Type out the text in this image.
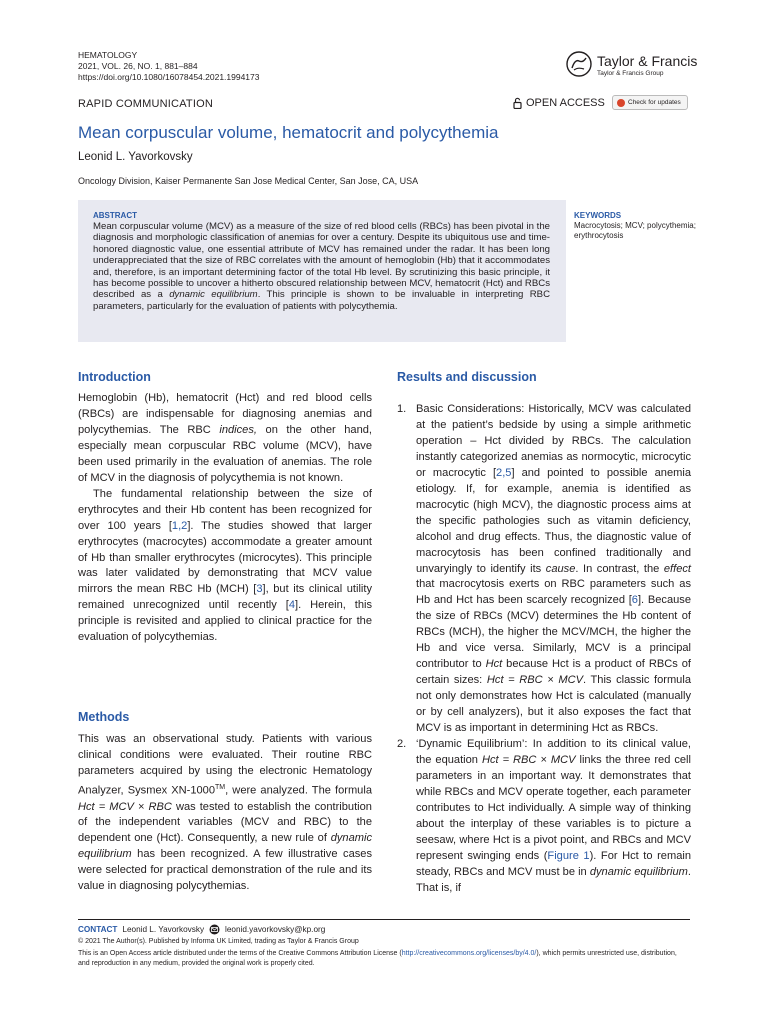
HEMATOLOGY
2021, VOL. 26, NO. 1, 881–884
https://doi.org/10.1080/16078454.2021.1994173
Taylor & Francis
Taylor & Francis Group
RAPID COMMUNICATION	OPEN ACCESS	Check for updates
Mean corpuscular volume, hematocrit and polycythemia
Leonid L. Yavorkovsky
Oncology Division, Kaiser Permanente San Jose Medical Center, San Jose, CA, USA
ABSTRACT
Mean corpuscular volume (MCV) as a measure of the size of red blood cells (RBCs) has been pivotal in the diagnosis and morphologic classification of anemias for over a century. Despite its ubiquitous use and time-honored diagnostic value, one essential attribute of MCV has remained under the radar. It has been long underappreciated that the size of RBC correlates with the amount of hemoglobin (Hb) that it accommodates and, therefore, is an important determining factor of the total Hb level. By scrutinizing this basic principle, it has become possible to uncover a hitherto obscured relationship between MCV, hematocrit (Hct) and RBCs described as a dynamic equilibrium. This principle is shown to be invaluable in interpreting RBC parameters, particularly for the evaluation of patients with polycythemia.
KEYWORDS
Macrocytosis; MCV; polycythemia; erythrocytosis
Introduction

Hemoglobin (Hb), hematocrit (Hct) and red blood cells (RBCs) are indispensable for diagnosing anemias and polycythemias. The RBC indices, on the other hand, especially mean corpuscular RBC volume (MCV), have been used primarily in the evaluation of anemias. The role of MCV in the diagnosis of polycythemia is not known.

The fundamental relationship between the size of erythrocytes and their Hb content has been recognized for over 100 years [1,2]. The studies showed that larger erythrocytes (macrocytes) accommodate a greater amount of Hb than smaller erythrocytes (microcytes). This principle was later validated by demonstrating that MCV value mirrors the mean RBC Hb (MCH) [3], but its clinical utility remained unrecognized until recently [4]. Herein, this principle is revisited and applied to clinical practice for the evaluation of polycythemias.

Methods

This was an observational study. Patients with various clinical conditions were evaluated. Their routine RBC parameters acquired by using the electronic Hematology Analyzer, Sysmex XN-1000™, were analyzed. The formula Hct = MCV × RBC was tested to establish the contribution of the independent variables (MCV and RBC) to the dependent one (Hct). Consequently, a new rule of dynamic equilibrium has been recognized. A few illustrative cases were selected for practical demonstration of the rule and its value in diagnosing polycythemias.

Results and discussion
1. Basic Considerations: Historically, MCV was calculated at the patient’s bedside by using a simple arithmetic operation – Hct divided by RBCs. The calculation instantly categorized anemias as normocytic, microcytic or macrocytic [2,5] and pointed to possible anemia etiology. If, for example, anemia is identified as macrocytic (high MCV), the diagnostic process aims at the specific pathologies such as vitamin deficiency, alcohol and drug effects. Thus, the diagnostic value of macrocytosis has been confined traditionally and unvaryingly to identify its cause. In contrast, the effect that macrocytosis exerts on RBC parameters such as Hb and Hct has been scarcely recognized [6]. Because the size of RBCs (MCV) determines the Hb content of RBCs (MCH), the higher the MCV/MCH, the higher the Hb and vice versa. Similarly, MCV is a principal contributor to Hct because Hct is a product of RBCs of certain sizes: Hct = RBC × MCV. This classic formula not only demonstrates how Hct is calculated (manually or by cell analyzers), but it also exposes the fact that MCV is as important in determining Hct as RBCs.
2. ‘Dynamic Equilibrium’: In addition to its clinical value, the equation Hct = RBC × MCV links the three red cell parameters in an important way. It demonstrates that while RBCs and MCV operate together, each parameter contributes to Hct individually. A simple way of thinking about the interplay of these variables is to picture a seesaw, where Hct is a pivot point, and RBCs and MCV represent swinging ends (Figure 1). For Hct to remain steady, RBCs and MCV must be in dynamic equilibrium. That is, if
CONTACT Leonid L. Yavorkovsky	leonid.yavorkovsky@kp.org
© 2021 The Author(s). Published by Informa UK Limited, trading as Taylor & Francis Group
This is an Open Access article distributed under the terms of the Creative Commons Attribution License (http://creativecommons.org/licenses/by/4.0/), which permits unrestricted use, distribution, and reproduction in any medium, provided the original work is properly cited.
